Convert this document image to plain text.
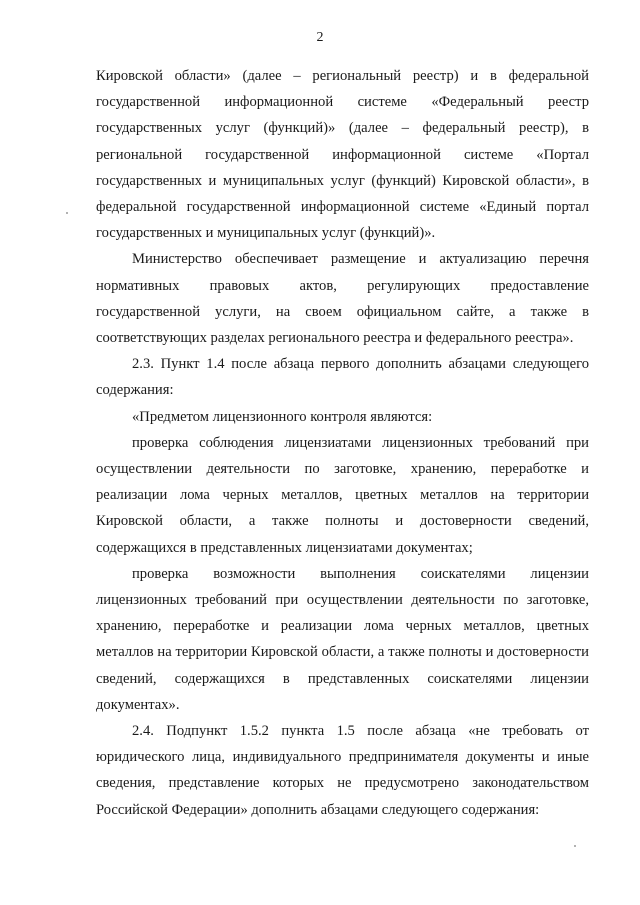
2

Кировской области» (далее – региональный реестр) и в федеральной государственной информационной системе «Федеральный реестр государственных услуг (функций)» (далее – федеральный реестр), в региональной государственной информационной системе «Портал государственных и муниципальных услуг (функций) Кировской области», в федеральной государственной информационной системе «Единый портал государственных и муниципальных услуг (функций)».

Министерство обеспечивает размещение и актуализацию перечня нормативных правовых актов, регулирующих предоставление государственной услуги, на своем официальном сайте, а также в соответствующих разделах регионального реестра и федерального реестра».

2.3. Пункт 1.4 после абзаца первого дополнить абзацами следующего содержания:

«Предметом лицензионного контроля являются:

проверка соблюдения лицензиатами лицензионных требований при осуществлении деятельности по заготовке, хранению, переработке и реализации лома черных металлов, цветных металлов на территории Кировской области, а также полноты и достоверности сведений, содержащихся в представленных лицензиатами документах;

проверка возможности выполнения соискателями лицензии лицензионных требований при осуществлении деятельности по заготовке, хранению, переработке и реализации лома черных металлов, цветных металлов на территории Кировской области, а также полноты и достоверности сведений, содержащихся в представленных соискателями лицензии документах».

2.4. Подпункт 1.5.2 пункта 1.5 после абзаца «не требовать от юридического лица, индивидуального предпринимателя документы и иные сведения, представление которых не предусмотрено законодательством Российской Федерации» дополнить абзацами следующего содержания:
